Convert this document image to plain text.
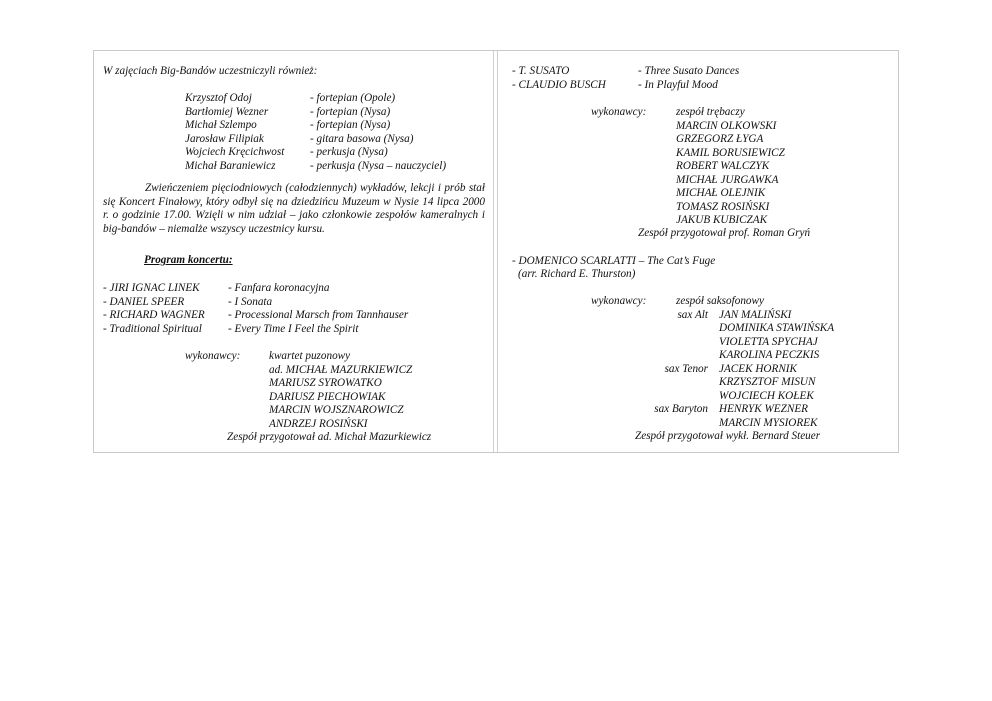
W zajęciach Big-Bandów uczestniczyli również:
Krzysztof Odoj	- fortepian (Opole)
Bartłomiej Wezner	- fortepian (Nysa)
Michał Szlempo	- fortepian (Nysa)
Jarosław Filipiak	- gitara basowa (Nysa)
Wojciech Kręcichwost - perkusja (Nysa)
Michał Baraniewicz	- perkusja (Nysa – nauczyciel)
Zwieńczeniem pięciodniowych (całodziennych) wykładów, lekcji i prób stał się Koncert Finałowy, który odbył się na dziedzińcu Muzeum w Nysie 14 lipca 2000 r. o godzinie 17.00. Wzięli w nim udział – jako członkowie zespołów kameralnych i big-bandów – niemalże wszyscy uczestnicy kursu.
Program koncertu:
- JIRI IGNAC LINEK	- Fanfara koronacyjna
- DANIEL SPEER	- I Sonata
- RICHARD WAGNER - Processional Marsch from Tannhauser
- Traditional Spiritual - Every Time I Feel the Spirit
wykonawcy:	kwartet puzonowy
ad. MICHAŁ MAZURKIEWICZ
MARIUSZ SYROWATKO
DARIUSZ PIECHOWIAK
MARCIN WOJSZNAROWICZ
ANDRZEJ ROSIŃSKI
Zespół przygotował ad. Michał Mazurkiewicz
- T. SUSATO	- Three Susato Dances
- CLAUDIO BUSCH	- In Playful Mood
wykonawcy:	zespół trębaczy
MARCIN OLKOWSKI
GRZEGORZ ŁYGA
KAMIL BORUSIEWICZ
ROBERT WALCZYK
MICHAŁ JURGAWKA
MICHAŁ OLEJNIK
TOMASZ ROSIŃSKI
JAKUB KUBICZAK
Zespół przygotował prof. Roman Gryń
- DOMENICO SCARLATTI – The Cat’s Fuge
(arr. Richard E. Thurston)
wykonawcy:	zespół saksofonowy
sax Alt JAN MALIŃSKI
DOMINIKA STAWIŃSKA
VIOLETTA SPYCHAJ
KAROLINA PECZKIS
sax Tenor JACEK HORNIK
KRZYSZTOF MISUN
WOJCIECH KOŁEK
sax Baryton HENRYK WEZNER
MARCIN MYSIOREK
Zespół przygotował wykł. Bernard Steuer
